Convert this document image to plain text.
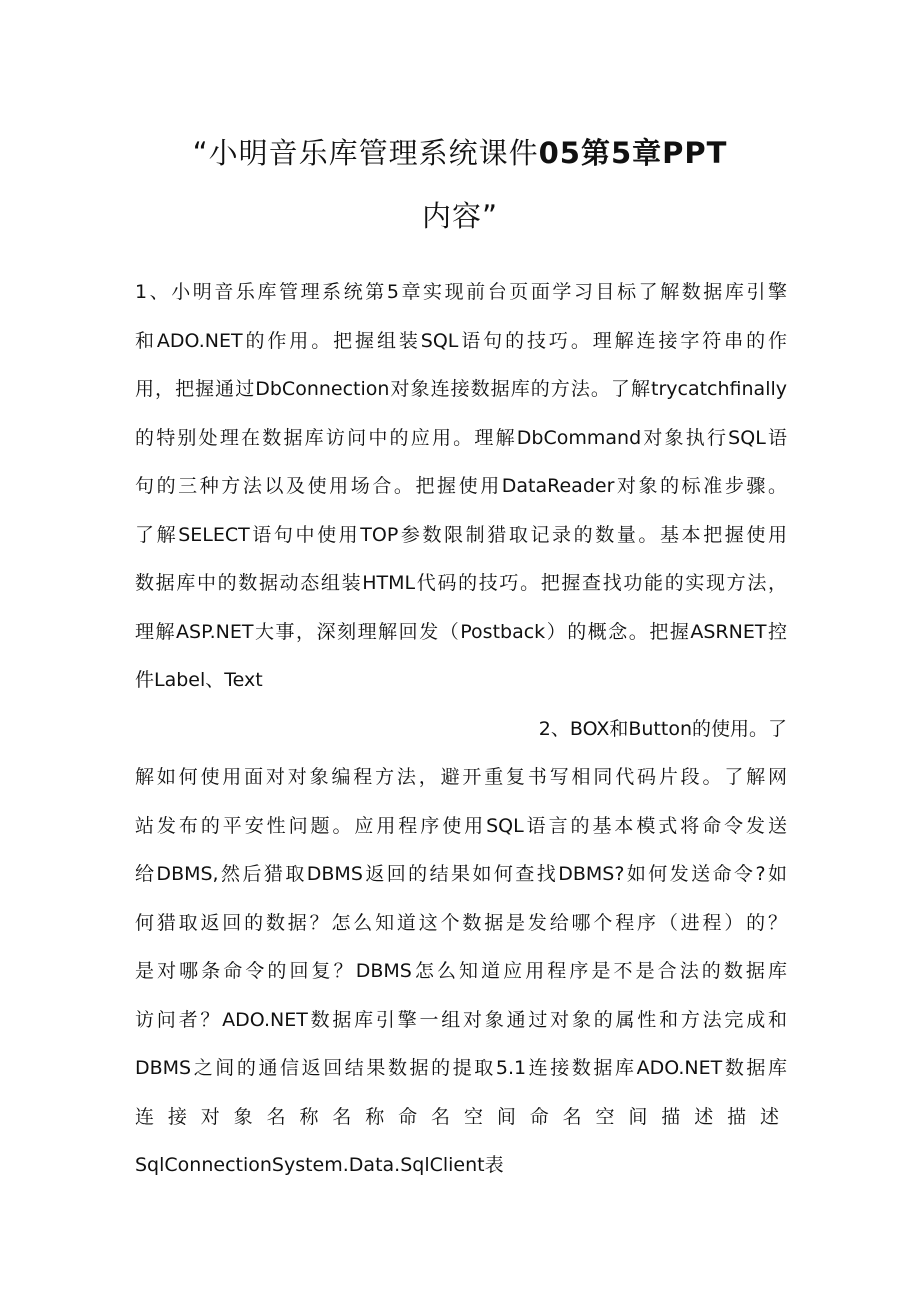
“小明音乐库管理系统课件05第5章PPT
内容”
1、小明音乐库管理系统第5章实现前台页面学习目标了解数据库引擎
和ADO.NET的作用。把握组装SQL语句的技巧。理解连接字符串的作
用，把握通过DbConnection对象连接数据库的方法。了解trycatchfinally
的特别处理在数据库访问中的应用。理解DbCommand对象执行SQL语
句的三种方法以及使用场合。把握使用DataReader对象的标准步骤。
了解SELECT语句中使用TOP参数限制猎取记录的数量。基本把握使用
数据库中的数据动态组装HTML代码的技巧。把握查找功能的实现方法，
理解ASP.NET大事，深刻理解回发（Postback）的概念。把握ASRNET控
件Label、Text
2、BOX和Button的使用。了
解如何使用面对对象编程方法，避开重复书写相同代码片段。了解网
站发布的平安性问题。应用程序使用SQL语言的基本模式将命令发送
给DBMS,然后猎取DBMS返回的结果如何查找DBMS?如何发送命令?如
何猎取返回的数据？怎么知道这个数据是发给哪个程序（进程）的？
是对哪条命令的回复？DBMS怎么知道应用程序是不是合法的数据库
访问者？ADO.NET数据库引擎一组对象通过对象的属性和方法完成和
DBMS之间的通信返回结果数据的提取5.1连接数据库ADO.NET数据库
连接对象名称名称命名空间命名空间描述描述
SqlConnectionSystem.Data.SqlClient表
